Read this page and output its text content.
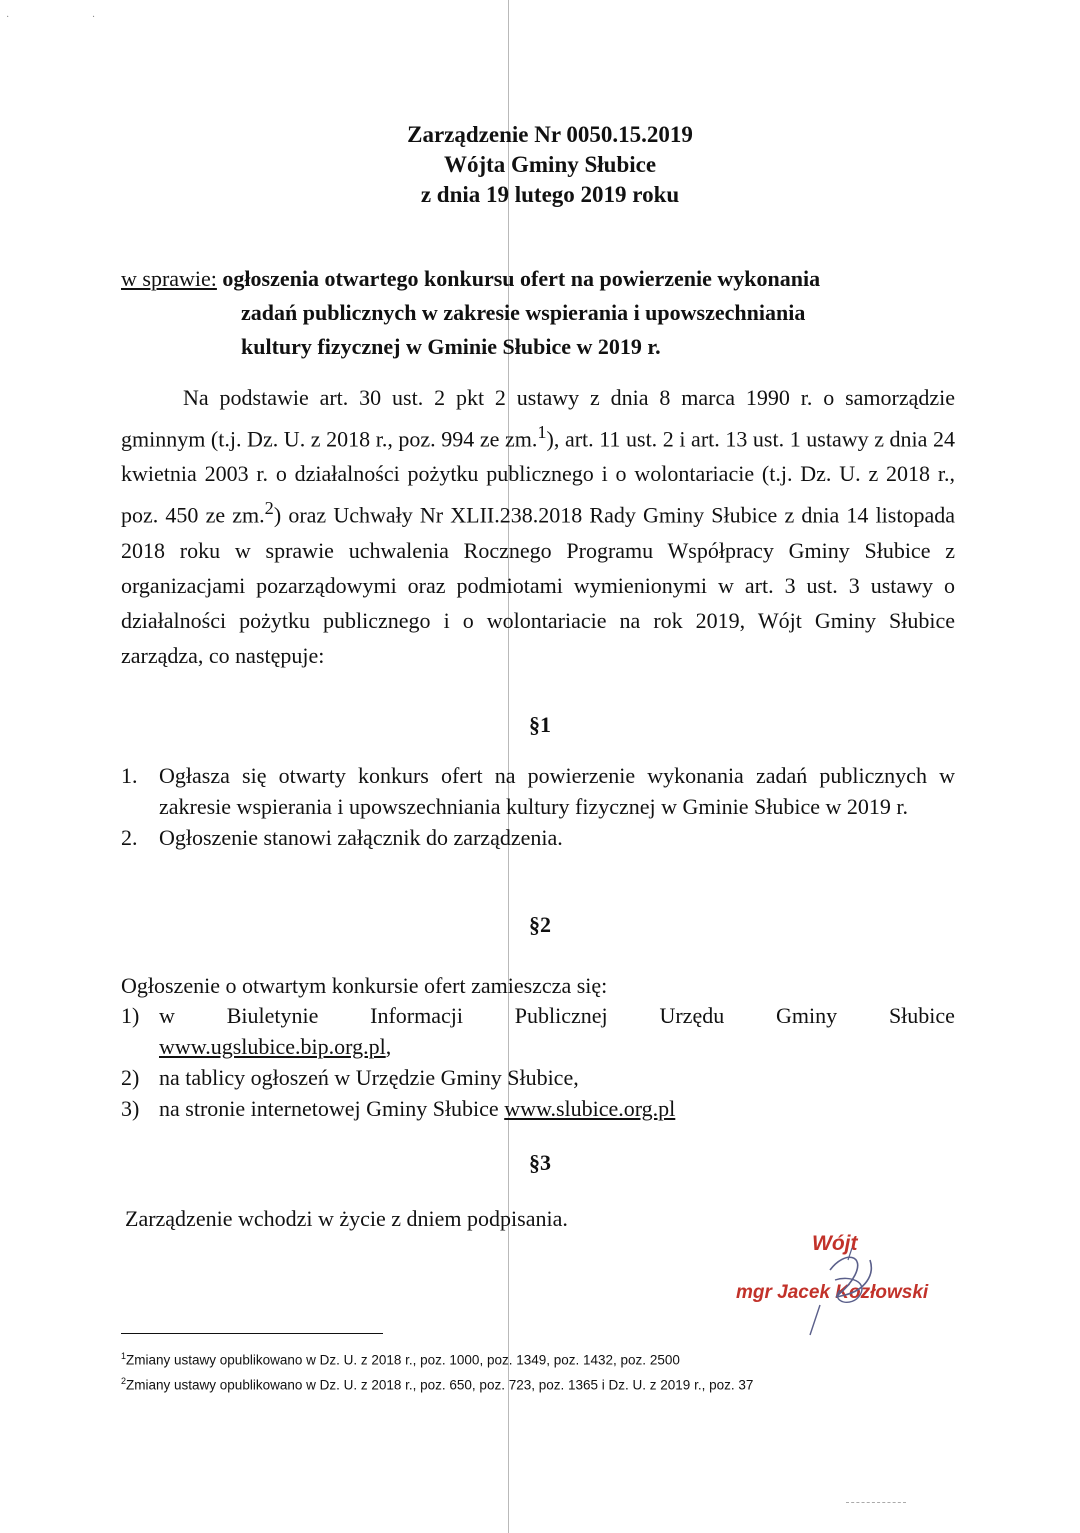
· ·
Zarządzenie Nr 0050.15.2019
Wójta Gminy Słubice
z dnia 19 lutego 2019 roku
w sprawie: ogłoszenia otwartego konkursu ofert na powierzenie wykonania
zadań publicznych w zakresie wspierania i upowszechniania
kultury fizycznej w Gminie Słubice w 2019 r.
Na podstawie art. 30 ust. 2 pkt 2 ustawy z dnia 8 marca 1990 r. o samorządzie gminnym (t.j. Dz. U. z 2018 r., poz. 994 ze zm.$^1$), art. 11 ust. 2 i art. 13 ust. 1 ustawy z dnia 24 kwietnia 2003 r. o działalności pożytku publicznego i o wolontariacie (t.j. Dz. U. z 2018 r., poz. 450 ze zm.$^2$) oraz Uchwały Nr XLII.238.2018 Rady Gminy Słubice z dnia 14 listopada 2018 roku w sprawie uchwalenia Rocznego Programu Współpracy Gminy Słubice z organizacjami pozarządowymi oraz podmiotami wymienionymi w art. 3 ust. 3 ustawy o działalności pożytku publicznego i o wolontariacie na rok 2019, Wójt Gminy Słubice zarządza, co następuje:
§1
1. Ogłasza się otwarty konkurs ofert na powierzenie wykonania zadań publicznych w zakresie wspierania i upowszechniania kultury fizycznej w Gminie Słubice w 2019 r.
2. Ogłoszenie stanowi załącznik do zarządzenia.
§2
Ogłoszenie o otwartym konkursie ofert zamieszcza się:
1) w Biuletynie Informacji Publicznej Urzędu Gminy Słubice
www.ugslubice.bip.org.pl,
2) na tablicy ogłoszeń w Urzędzie Gminy Słubice,
3) na stronie internetowej Gminy Słubice www.slubice.org.pl
§3
Zarządzenie wchodzi w życie z dniem podpisania.
Wójt
mgr Jacek Kozłowski
$^1$Zmiany ustawy opublikowano w Dz. U. z 2018 r., poz. 1000, poz. 1349, poz. 1432, poz. 2500
$^2$Zmiany ustawy opublikowano w Dz. U. z 2018 r., poz. 650, poz. 723, poz. 1365 i Dz. U. z 2019 r., poz. 37
